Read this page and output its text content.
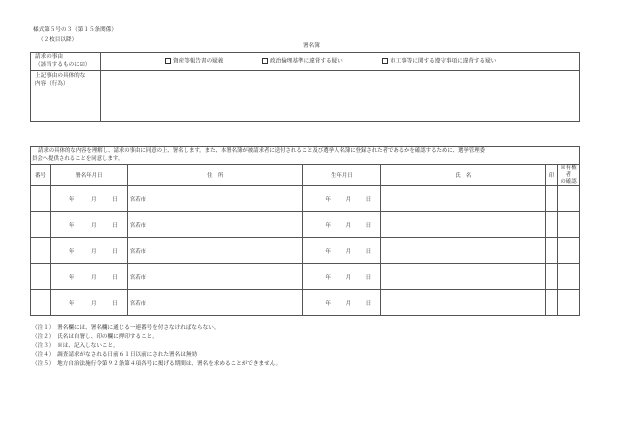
様式第５号の３（第１５条関係）
（２枚目以降）
署名簿
請求の事由
（該当するものに☑）
資産等報告書の疑義	政治倫理基準に違背する疑い	市工事等に関する遵守事項に違背する疑い
上記事由の具体的な
内容（行為）
請求の具体的な内容を理解し、請求の事由に同意の上、署名します。また、本署名簿が被請求者に送付されること及び選挙人名簿に登録された者であるかを確認するために、選挙管理委
員会へ提供されることを同意します。
番号	署名年月日	住　所	生年月日	氏　名	印	※有権者
の確認

	年 月 日	宮若市	年 月 日			
	年 月 日	宮若市	年 月 日			
	年 月 日	宮若市	年 月 日			
	年 月 日	宮若市	年 月 日			
	年 月 日	宮若市	年 月 日			
（注１）　署名欄には、署名欄に通じる一連番号を付さなければならない。
（注２）　氏名は自署し、印の欄に押印すること。
（注３）　※は、記入しないこと。
（注４）　調査請求がなされる日前６１日以前にされた署名は無効
（注５）　地方自治法施行令第９２条第４項各号に掲げる期間は、署名を求めることができません。
